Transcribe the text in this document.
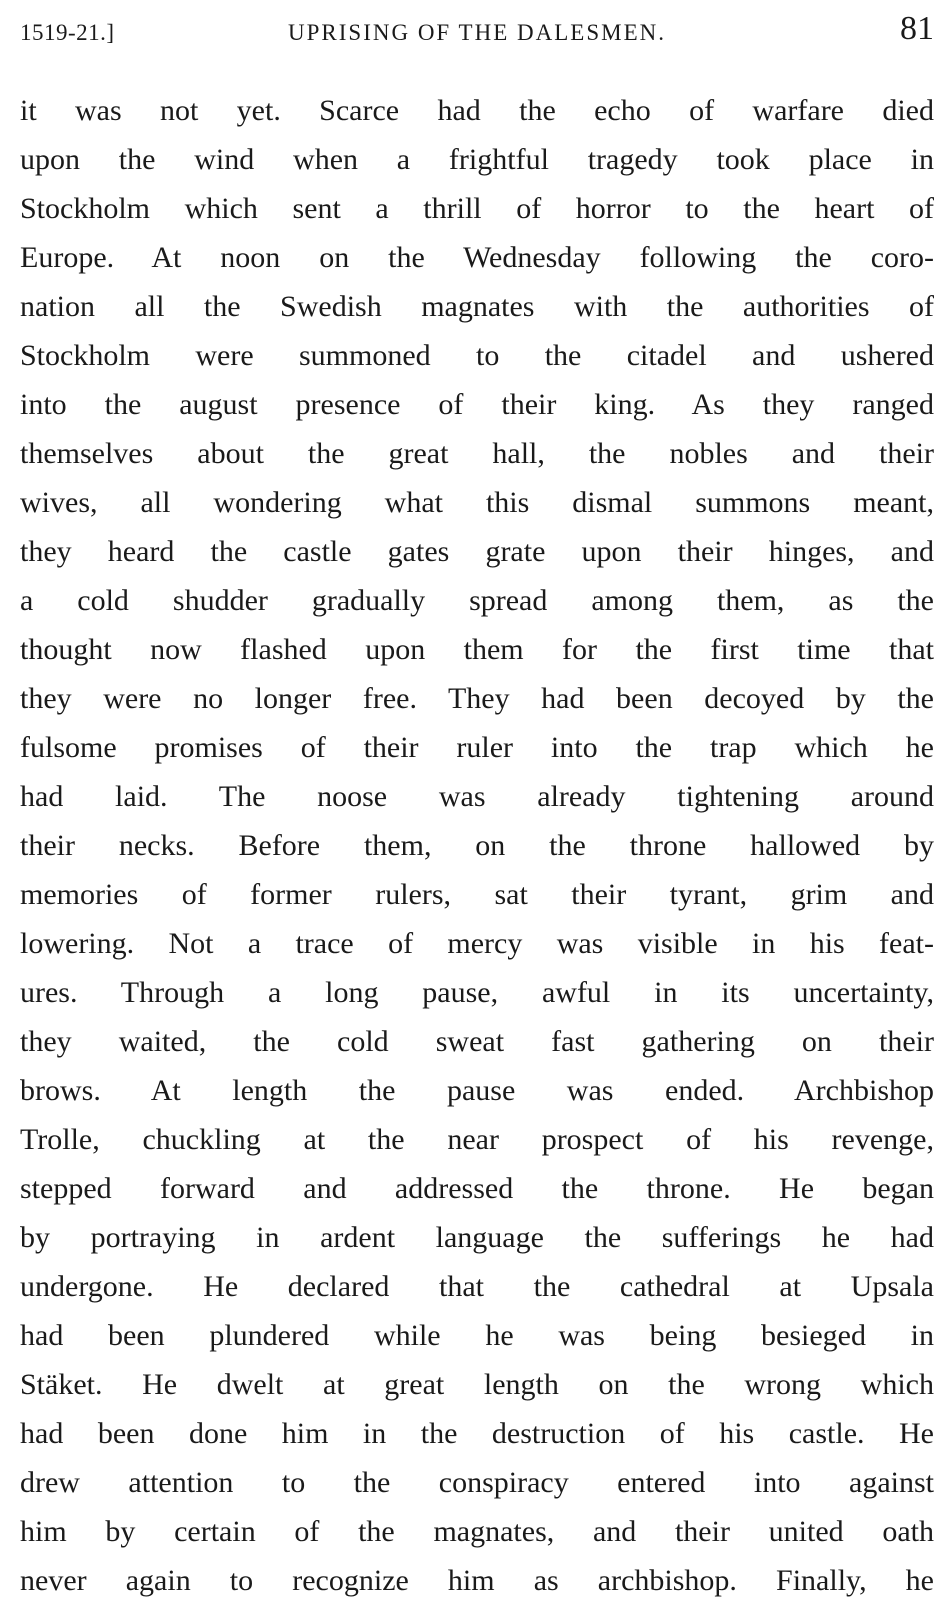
1519-21.]	UPRISING OF THE DALESMEN.	81
it was not yet. Scarce had the echo of warfare died
upon the wind when a frightful tragedy took place in
Stockholm which sent a thrill of horror to the heart of
Europe. At noon on the Wednesday following the coro-
nation all the Swedish magnates with the authorities of
Stockholm were summoned to the citadel and ushered
into the august presence of their king. As they ranged
themselves about the great hall, the nobles and their
wives, all wondering what this dismal summons meant,
they heard the castle gates grate upon their hinges, and
a cold shudder gradually spread among them, as the
thought now flashed upon them for the first time that
they were no longer free. They had been decoyed by the
fulsome promises of their ruler into the trap which he
had laid. The noose was already tightening around
their necks. Before them, on the throne hallowed by
memories of former rulers, sat their tyrant, grim and
lowering. Not a trace of mercy was visible in his feat-
ures. Through a long pause, awful in its uncertainty,
they waited, the cold sweat fast gathering on their
brows. At length the pause was ended. Archbishop
Trolle, chuckling at the near prospect of his revenge,
stepped forward and addressed the throne. He began
by portraying in ardent language the sufferings he had
undergone. He declared that the cathedral at Upsala
had been plundered while he was being besieged in
Stäket. He dwelt at great length on the wrong which
had been done him in the destruction of his castle. He
drew attention to the conspiracy entered into against
him by certain of the magnates, and their united oath
never again to recognize him as archbishop. Finally, he
